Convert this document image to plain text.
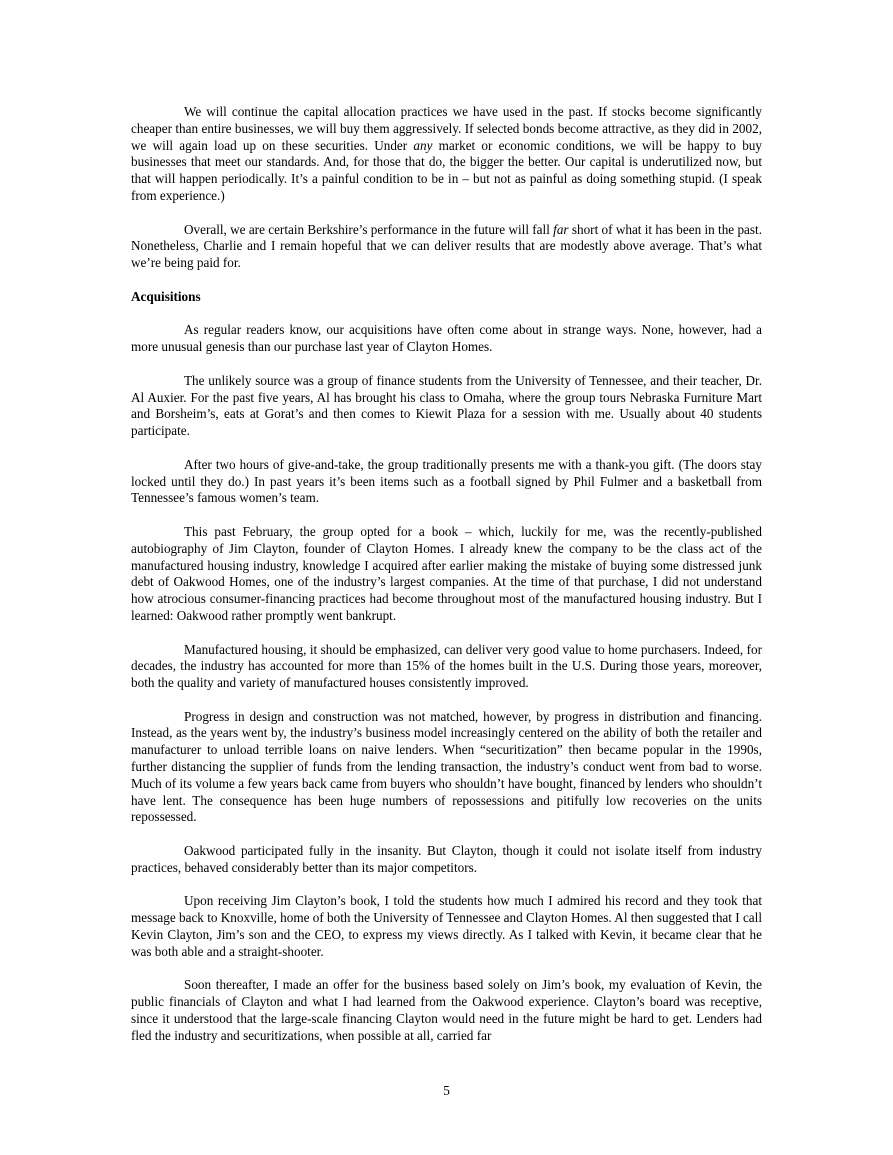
We will continue the capital allocation practices we have used in the past. If stocks become significantly cheaper than entire businesses, we will buy them aggressively. If selected bonds become attractive, as they did in 2002, we will again load up on these securities. Under any market or economic conditions, we will be happy to buy businesses that meet our standards. And, for those that do, the bigger the better. Our capital is underutilized now, but that will happen periodically. It’s a painful condition to be in – but not as painful as doing something stupid. (I speak from experience.)

Overall, we are certain Berkshire’s performance in the future will fall far short of what it has been in the past. Nonetheless, Charlie and I remain hopeful that we can deliver results that are modestly above average. That’s what we’re being paid for.

Acquisitions

As regular readers know, our acquisitions have often come about in strange ways. None, however, had a more unusual genesis than our purchase last year of Clayton Homes.

The unlikely source was a group of finance students from the University of Tennessee, and their teacher, Dr. Al Auxier. For the past five years, Al has brought his class to Omaha, where the group tours Nebraska Furniture Mart and Borsheim’s, eats at Gorat’s and then comes to Kiewit Plaza for a session with me. Usually about 40 students participate.

After two hours of give-and-take, the group traditionally presents me with a thank-you gift. (The doors stay locked until they do.) In past years it’s been items such as a football signed by Phil Fulmer and a basketball from Tennessee’s famous women’s team.

This past February, the group opted for a book – which, luckily for me, was the recently-published autobiography of Jim Clayton, founder of Clayton Homes. I already knew the company to be the class act of the manufactured housing industry, knowledge I acquired after earlier making the mistake of buying some distressed junk debt of Oakwood Homes, one of the industry’s largest companies. At the time of that purchase, I did not understand how atrocious consumer-financing practices had become throughout most of the manufactured housing industry. But I learned: Oakwood rather promptly went bankrupt.

Manufactured housing, it should be emphasized, can deliver very good value to home purchasers. Indeed, for decades, the industry has accounted for more than 15% of the homes built in the U.S. During those years, moreover, both the quality and variety of manufactured houses consistently improved.

Progress in design and construction was not matched, however, by progress in distribution and financing. Instead, as the years went by, the industry’s business model increasingly centered on the ability of both the retailer and manufacturer to unload terrible loans on naive lenders. When “securitization” then became popular in the 1990s, further distancing the supplier of funds from the lending transaction, the industry’s conduct went from bad to worse. Much of its volume a few years back came from buyers who shouldn’t have bought, financed by lenders who shouldn’t have lent. The consequence has been huge numbers of repossessions and pitifully low recoveries on the units repossessed.

Oakwood participated fully in the insanity. But Clayton, though it could not isolate itself from industry practices, behaved considerably better than its major competitors.

Upon receiving Jim Clayton’s book, I told the students how much I admired his record and they took that message back to Knoxville, home of both the University of Tennessee and Clayton Homes. Al then suggested that I call Kevin Clayton, Jim’s son and the CEO, to express my views directly. As I talked with Kevin, it became clear that he was both able and a straight-shooter.

Soon thereafter, I made an offer for the business based solely on Jim’s book, my evaluation of Kevin, the public financials of Clayton and what I had learned from the Oakwood experience. Clayton’s board was receptive, since it understood that the large-scale financing Clayton would need in the future might be hard to get. Lenders had fled the industry and securitizations, when possible at all, carried far

5
